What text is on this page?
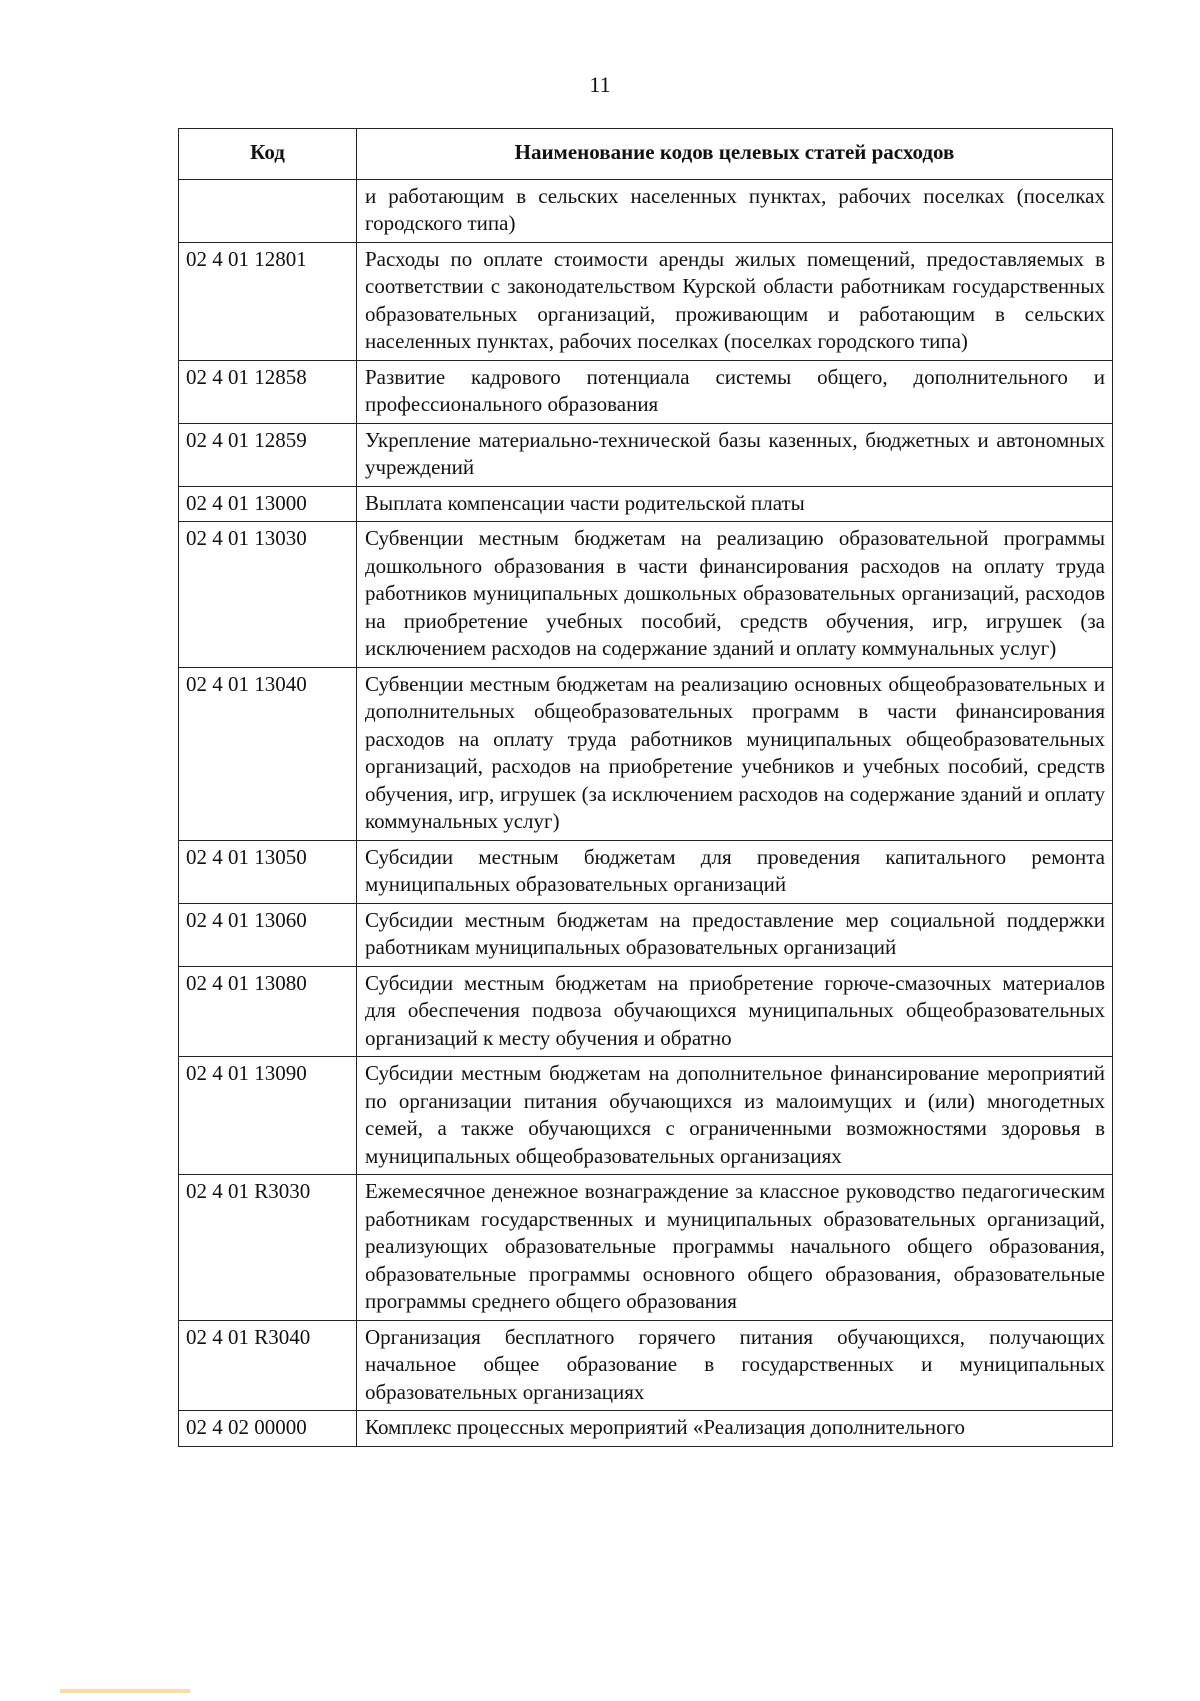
11
Код	Наименование кодов целевых статей расходов
	и работающим в сельских населенных пунктах, рабочих поселках (поселках городского типа)
02 4 01 12801	Расходы по оплате стоимости аренды жилых помещений, предоставляемых в соответствии с законодательством Курской области работникам государственных образовательных организаций, проживающим и работающим в сельских населенных пунктах, рабочих поселках (поселках городского типа)
02 4 01 12858	Развитие кадрового потенциала системы общего, дополнительного и профессионального образования
02 4 01 12859	Укрепление материально-технической базы казенных, бюджетных и автономных учреждений
02 4 01 13000	Выплата компенсации части родительской платы
02 4 01 13030	Субвенции местным бюджетам на реализацию образовательной программы дошкольного образования в части финансирования расходов на оплату труда работников муниципальных дошкольных образовательных организаций, расходов на приобретение учебных пособий, средств обучения, игр, игрушек (за исключением расходов на содержание зданий и оплату коммунальных услуг)
02 4 01 13040	Субвенции местным бюджетам на реализацию основных общеобразовательных и дополнительных общеобразовательных программ в части финансирования расходов на оплату труда работников муниципальных общеобразовательных организаций, расходов на приобретение учебников и учебных пособий, средств обучения, игр, игрушек (за исключением расходов на содержание зданий и оплату коммунальных услуг)
02 4 01 13050	Субсидии местным бюджетам для проведения капитального ремонта муниципальных образовательных организаций
02 4 01 13060	Субсидии местным бюджетам на предоставление мер социальной поддержки работникам муниципальных образовательных организаций
02 4 01 13080	Субсидии местным бюджетам на приобретение горюче-смазочных материалов для обеспечения подвоза обучающихся муниципальных общеобразовательных организаций к месту обучения и обратно
02 4 01 13090	Субсидии местным бюджетам на дополнительное финансирование мероприятий по организации питания обучающихся из малоимущих и (или) многодетных семей, а также обучающихся с ограниченными возможностями здоровья в муниципальных общеобразовательных организациях
02 4 01 R3030	Ежемесячное денежное вознаграждение за классное руководство педагогическим работникам государственных и муниципальных образовательных организаций, реализующих образовательные программы начального общего образования, образовательные программы основного общего образования, образовательные программы среднего общего образования
02 4 01 R3040	Организация бесплатного горячего питания обучающихся, получающих начальное общее образование в государственных и муниципальных образовательных организациях
02 4 02 00000	Комплекс процессных мероприятий «Реализация дополнительного
